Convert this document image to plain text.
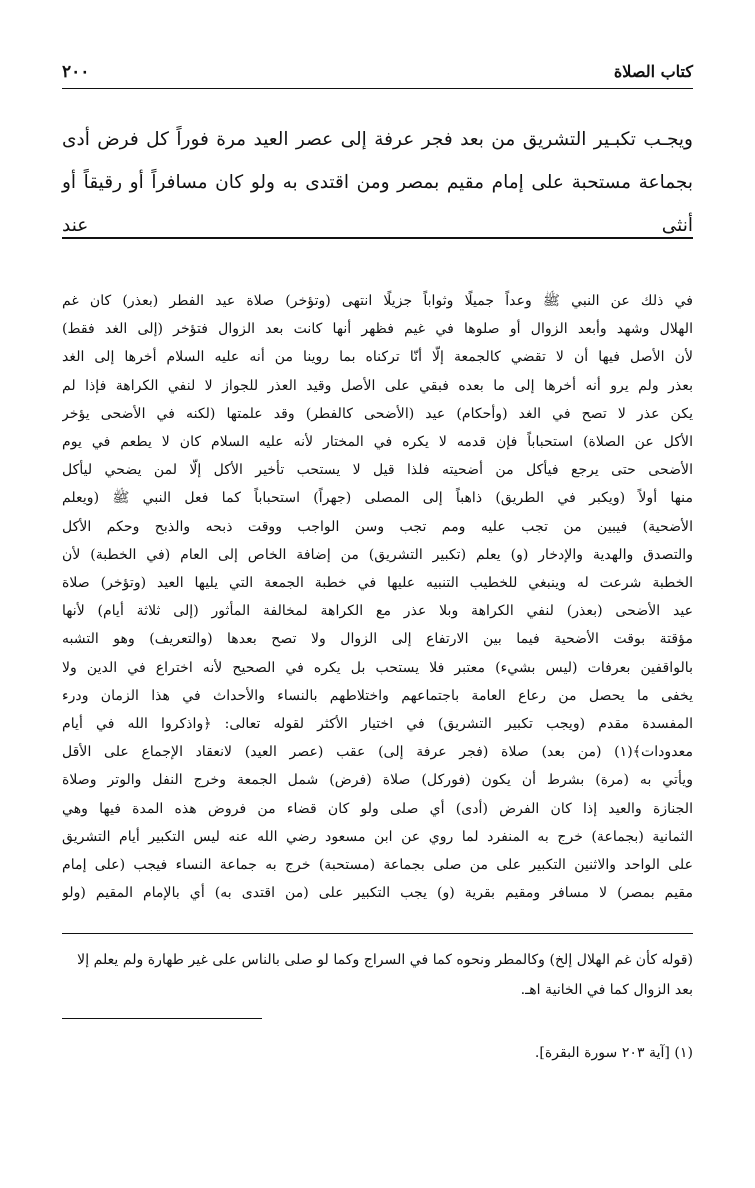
كتاب الصلاة
٢٠٠
ويجـب تكبـير التشريق من بعد فجر عرفة إلى عصر العيد مرة فوراً كل فرض أدى
بجماعة مستحبة على إمام مقيم بمصر ومن اقتدى به ولو كان مسافراً أو رقيقاً أو أنثى عند
في ذلك عن النبي ﷺ وعداً جميلًا وثواباً جزيلًا انتهى (وتؤخر) صلاة عيد الفطر (بعذر) كان غم
الهلال وشهد وأبعد الزوال أو صلوها في غيم فظهر أنها كانت بعد الزوال فتؤخر (إلى الغد فقط)
لأن الأصل فيها أن لا تقضي كالجمعة إلّا أنّا تركناه بما روينا من أنه عليه السلام أخرها إلى الغد
بعذر ولم يرو أنه أخرها إلى ما بعده فبقي على الأصل وقيد العذر للجواز لا لنفي الكراهة فإذا لم
يكن عذر لا تصح في الغد (وأحكام) عيد (الأضحى كالفطر) وقد علمتها (لكنه في الأضحى يؤخر
الأكل عن الصلاة) استحباباً فإن قدمه لا يكره في المختار لأنه عليه السلام كان لا يطعم في يوم
الأضحى حتى يرجع فيأكل من أضحيته فلذا قيل لا يستحب تأخير الأكل إلّا لمن يضحي ليأكل
منها أولاً (ويكبر في الطريق) ذاهباً إلى المصلى (جهراً) استحباباً كما فعل النبي ﷺ (ويعلم
الأضحية) فيبين من تجب عليه ومم تجب وسن الواجب ووقت ذبحه والذبح وحكم الأكل
والتصدق والهدية والإدخار (و) يعلم (تكبير التشريق) من إضافة الخاص إلى العام (في الخطبة) لأن
الخطبة شرعت له وينبغي للخطيب التنبيه عليها في خطبة الجمعة التي يليها العيد (وتؤخر) صلاة
عيد الأضحى (بعذر) لنفي الكراهة وبلا عذر مع الكراهة لمخالفة المأثور (إلى ثلاثة أيام) لأنها
مؤقتة بوقت الأضحية فيما بين الارتفاع إلى الزوال ولا تصح بعدها (والتعريف) وهو التشبه
بالواقفين بعرفات (ليس بشيء) معتبر فلا يستحب بل يكره في الصحيح لأنه اختراع في الدين ولا
يخفى ما يحصل من رعاع العامة باجتماعهم واختلاطهم بالنساء والأحداث في هذا الزمان ودرء
المفسدة مقدم (ويجب تكبير التشريق) في اختيار الأكثر لقوله تعالى: ﴿واذكروا الله في أيام
معدودات﴾(١) (من بعد) صلاة (فجر عرفة إلى) عقب (عصر العيد) لانعقاد الإجماع على الأقل
ويأتي به (مرة) بشرط أن يكون (فوركل) صلاة (فرض) شمل الجمعة وخرج النفل والوتر وصلاة
الجنازة والعيد إذا كان الفرض (أدى) أي صلى ولو كان قضاء من فروض هذه المدة فيها وهي
الثمانية (بجماعة) خرج به المنفرد لما روي عن ابن مسعود رضي الله عنه ليس التكبير أيام التشريق
على الواحد والاثنين التكبير على من صلى بجماعة (مستحبة) خرج به جماعة النساء فيجب (على إمام
مقيم بمصر) لا مسافر ومقيم بقرية (و) يجب التكبير على (من اقتدى به) أي بالإمام المقيم (ولو
(قوله كأن غم الهلال إلخ) وكالمطر ونحوه كما في السراج وكما لو صلى بالناس على غير طهارة ولم يعلم إلا
بعد الزوال كما في الخانية اهـ.
(١) [آية ٢٠٣ سورة البقرة].
